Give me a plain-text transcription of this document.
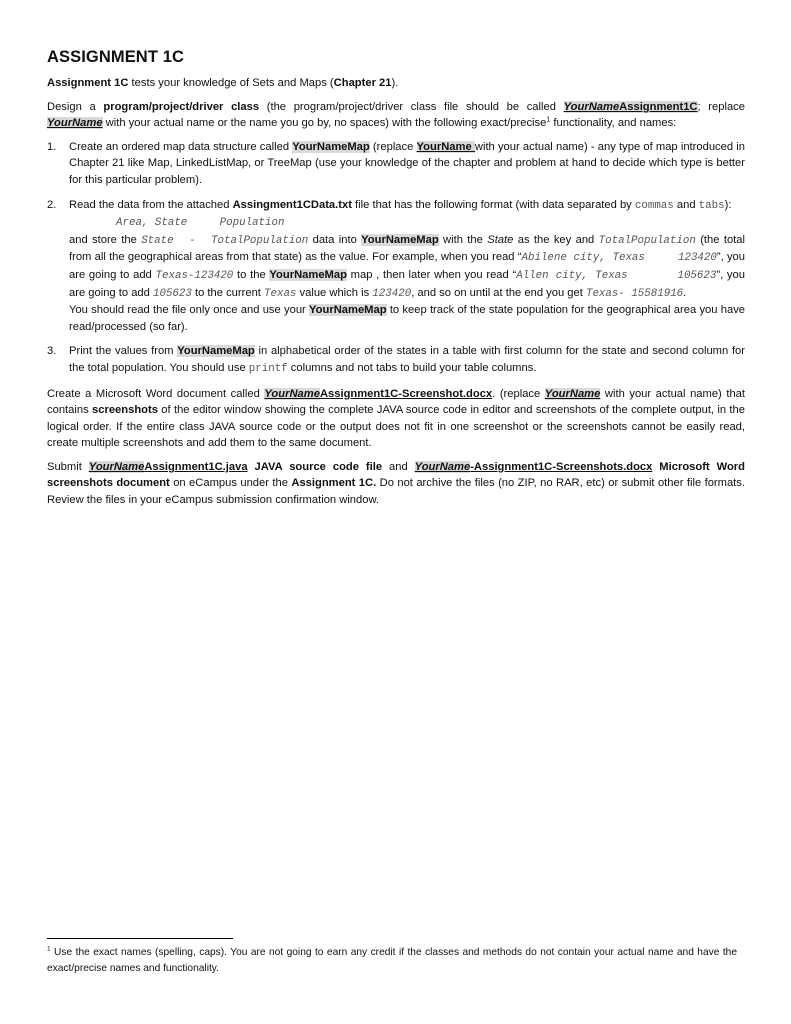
ASSIGNMENT 1C

Assignment 1C tests your knowledge of Sets and Maps (Chapter 21).

Design a program/project/driver class (the program/project/driver class file should be called YourNameAssignment1C; replace YourName with your actual name or the name you go by, no spaces) with the following exact/precise$^1$ functionality, and names:

1. Create an ordered map data structure called YourNameMap (replace YourName with your actual name) - any type of map introduced in Chapter 21 like Map, LinkedListMap, or TreeMap (use your knowledge of the chapter and problem at hand to decide which type is better for this particular problem).
2. Read the data from the attached Assingment1CData.txt file that has the following format (with data separated by commas and tabs):
Area, State     Population
and store the State  -  TotalPopulation data into YourNameMap with the State as the key and TotalPopulation (the total from all the geographical areas from that state) as the value. For example, when you read “Abilene city, Texas     123420”, you are going to add Texas-123420 to the YourNameMap map , then later when you read “Allen city, Texas       105623”, you are going to add 105623 to the current Texas value which is 123420, and so on until at the end you get Texas- 15581916.
You should read the file only once and use your YourNameMap to keep track of the state population for the geographical area you have read/processed (so far).
3. Print the values from YourNameMap in alphabetical order of the states in a table with first column for the state and second column for the total population. You should use printf columns and not tabs to build your table columns.

Create a Microsoft Word document called YourNameAssignment1C-Screenshot.docx. (replace YourName with your actual name) that contains screenshots of the editor window showing the complete JAVA source code in editor and screenshots of the complete output, in the logical order. If the entire class JAVA source code or the output does not fit in one screenshot or the screenshots cannot be easily read, create multiple screenshots and add them to the same document.

Submit YourNameAssignment1C.java JAVA source code file and YourName-Assignment1C-Screenshots.docx Microsoft Word screenshots document on eCampus under the Assignment 1C. Do not archive the files (no ZIP, no RAR, etc) or submit other file formats. Review the files in your eCampus submission confirmation window.

$^1$ Use the exact names (spelling, caps). You are not going to earn any credit if the classes and methods do not contain your actual name and have the exact/precise names and functionality.
